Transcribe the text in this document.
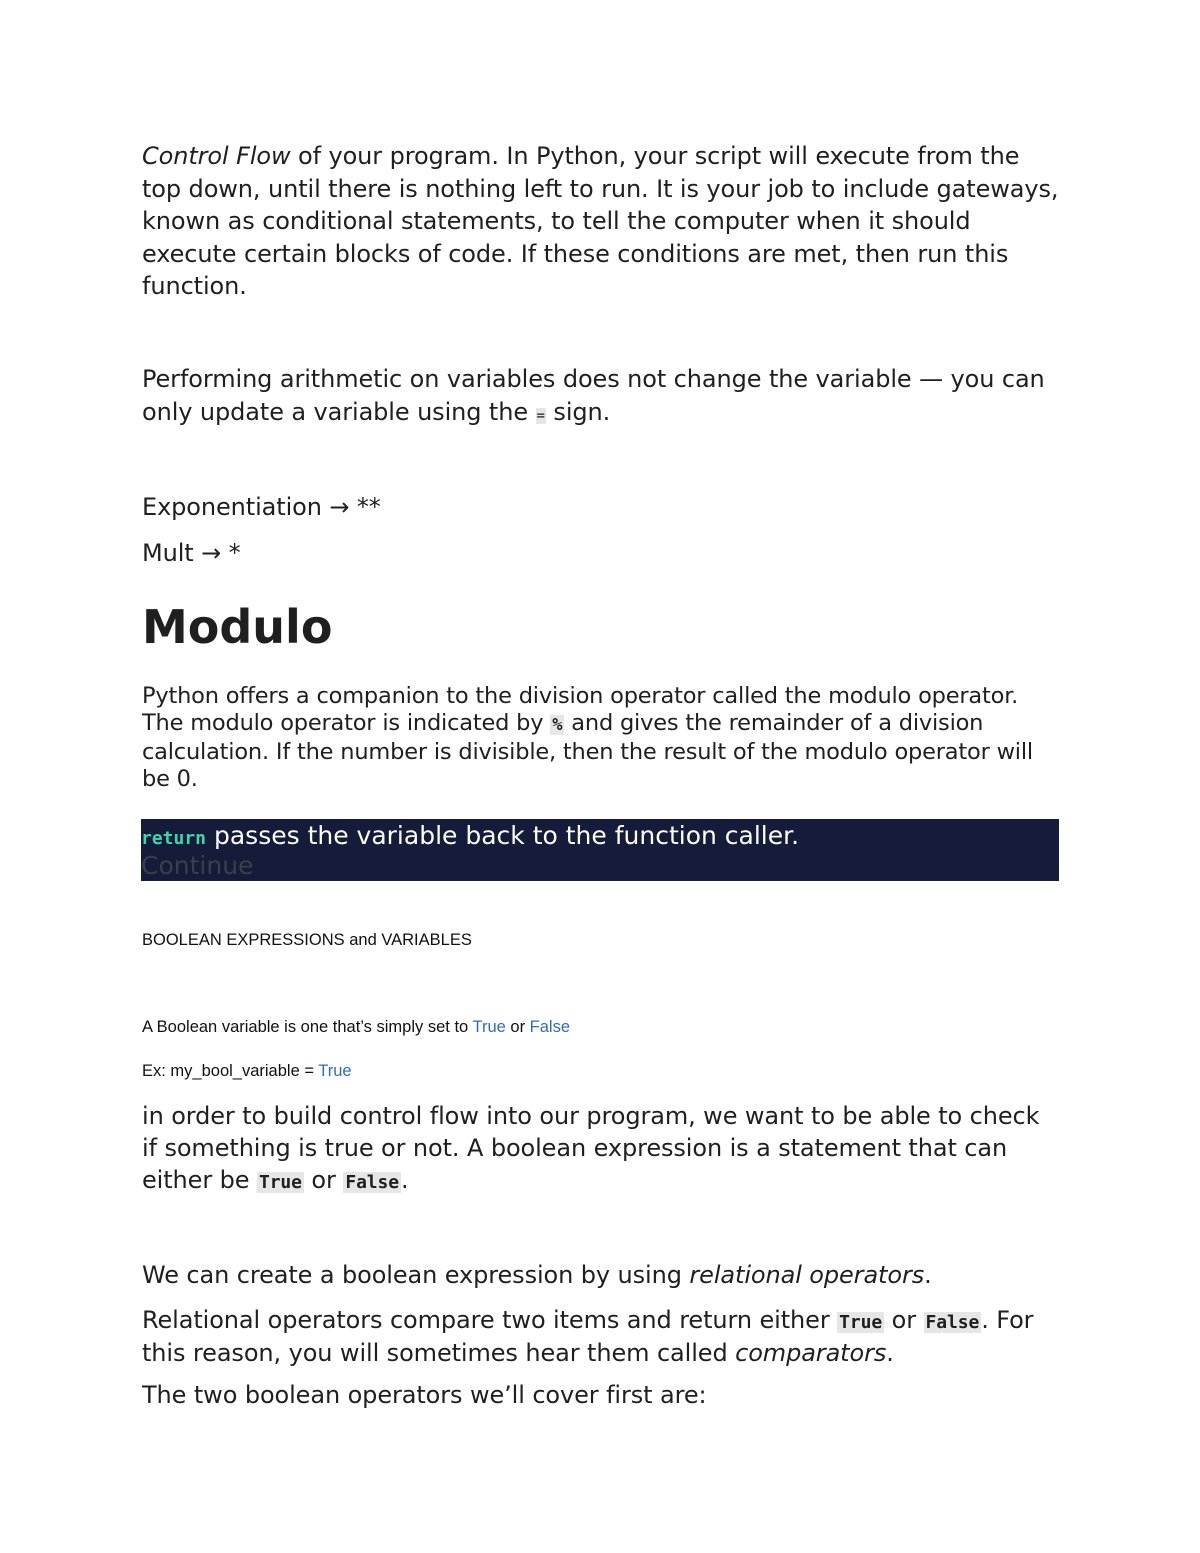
Control Flow of your program. In Python, your script will execute from the top down, until there is nothing left to run. It is your job to include gateways, known as conditional statements, to tell the computer when it should execute certain blocks of code. If these conditions are met, then run this function.

Performing arithmetic on variables does not change the variable — you can only update a variable using the = sign.

Exponentiation → **

Mult → *

Modulo

Python offers a companion to the division operator called the modulo operator. The modulo operator is indicated by % and gives the remainder of a division calculation. If the number is divisible, then the result of the modulo operator will be 0.

return passes the variable back to the function caller.
Continue

BOOLEAN EXPRESSIONS and VARIABLES

A Boolean variable is one that’s simply set to True or False

Ex: my_bool_variable = True

in order to build control flow into our program, we want to be able to check if something is true or not. A boolean expression is a statement that can either be True or False.

We can create a boolean expression by using relational operators.

Relational operators compare two items and return either True or False. For this reason, you will sometimes hear them called comparators.

The two boolean operators we’ll cover first are:
